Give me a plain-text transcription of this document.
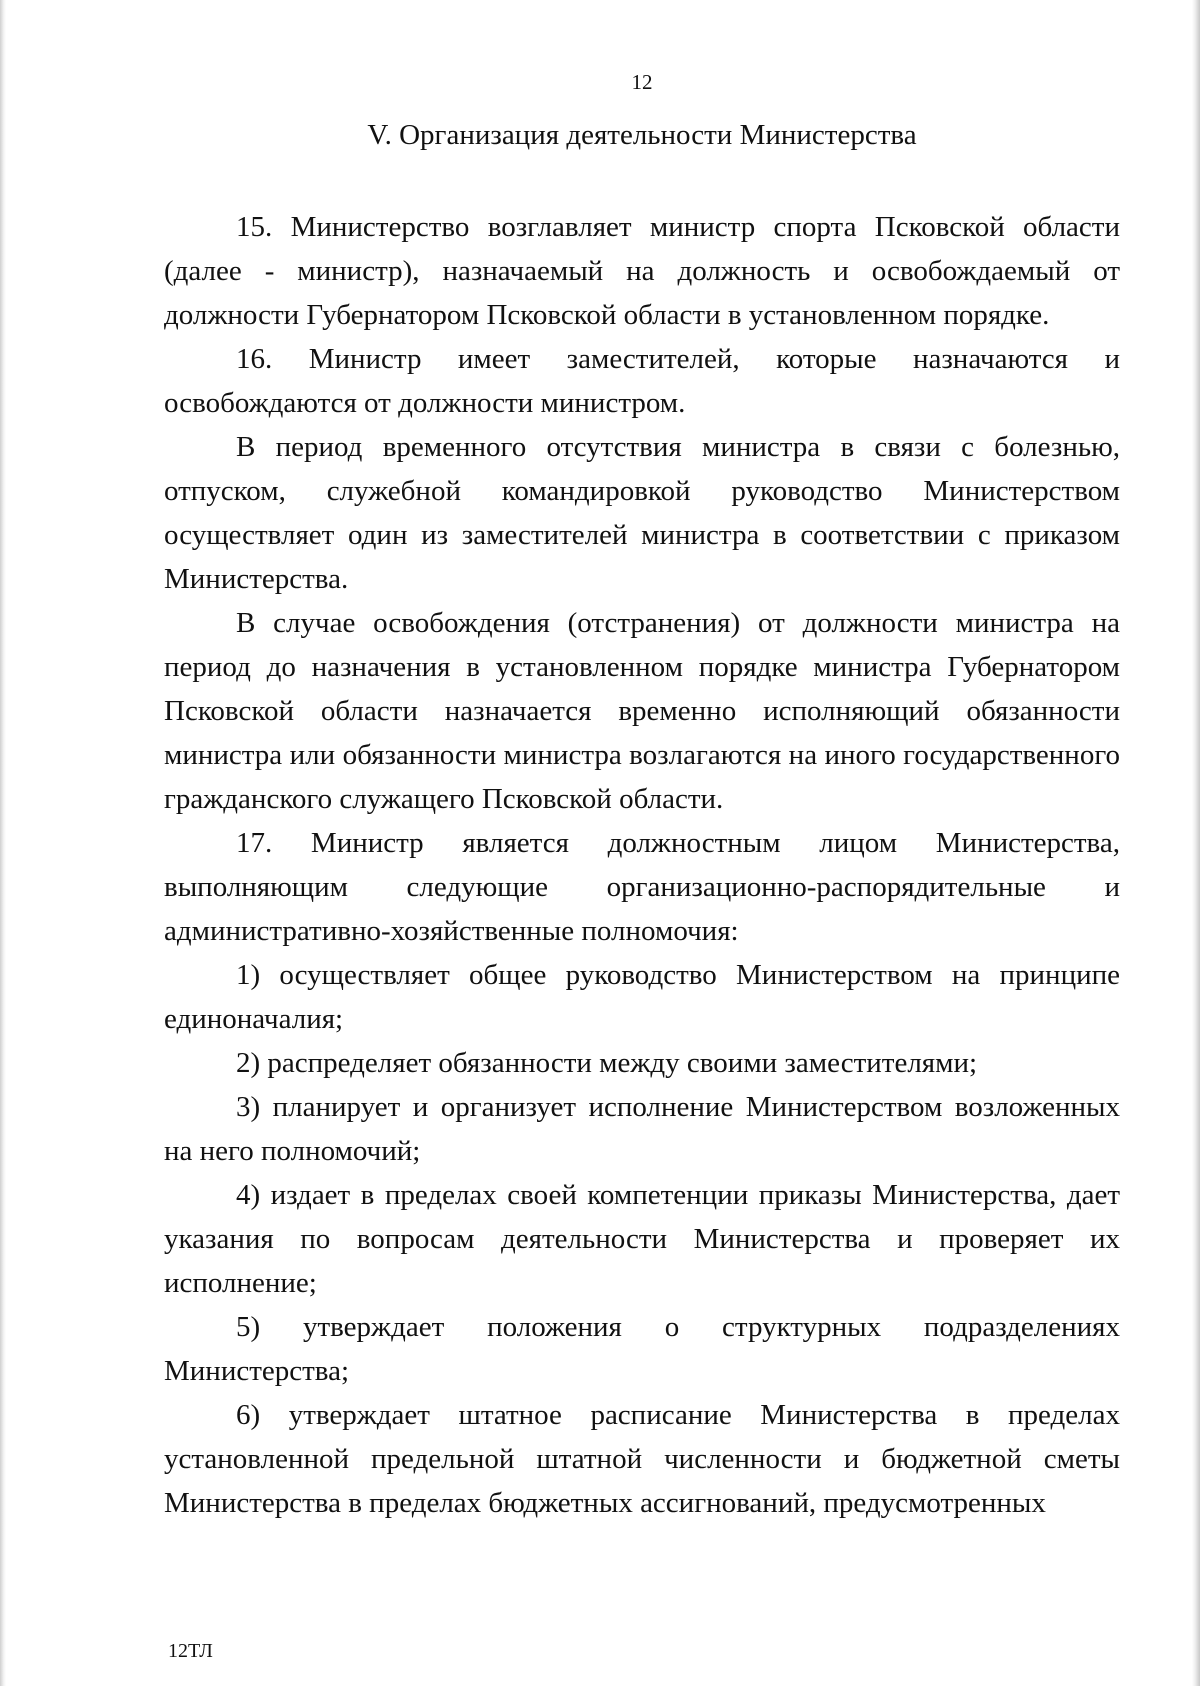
12
V. Организация деятельности Министерства

15. Министерство возглавляет министр спорта Псковской области (далее - министр), назначаемый на должность и освобождаемый от должности Губернатором Псковской области в установленном порядке.

16. Министр имеет заместителей, которые назначаются и освобождаются от должности министром.

В период временного отсутствия министра в связи с болезнью, отпуском, служебной командировкой руководство Министерством осуществляет один из заместителей министра в соответствии с приказом Министерства.

В случае освобождения (отстранения) от должности министра на период до назначения в установленном порядке министра Губернатором Псковской области назначается временно исполняющий обязанности министра или обязанности министра возлагаются на иного государственного гражданского служащего Псковской области.

17. Министр является должностным лицом Министерства, выполняющим следующие организационно-распорядительные и административно-хозяйственные полномочия:

1) осуществляет общее руководство Министерством на принципе единоначалия;

2) распределяет обязанности между своими заместителями;

3) планирует и организует исполнение Министерством возложенных на него полномочий;

4) издает в пределах своей компетенции приказы Министерства, дает указания по вопросам деятельности Министерства и проверяет их исполнение;

5) утверждает положения о структурных подразделениях Министерства;

6) утверждает штатное расписание Министерства в пределах установленной предельной штатной численности и бюджетной сметы Министерства в пределах бюджетных ассигнований, предусмотренных

12ТЛ
